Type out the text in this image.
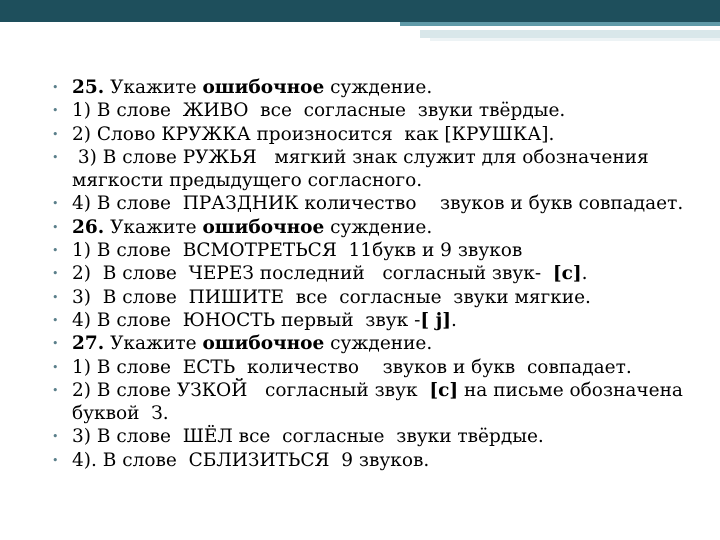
• 25. Укажите ошибочное суждение.
• 1) В слове  ЖИВО  все  согласные  звуки твёрдые.
• 2) Слово КРУЖКА произносится  как [КРУШКА].
• 3) В слове РУЖЬЯ   мягкий знак служит для обозначения мягкости предыдущего согласного.
• 4) В слове  ПРАЗДНИК количество    звуков и букв совпадает.
• 26. Укажите ошибочное суждение.
• 1) В слове  ВСМОТРЕТЬСЯ  11букв и 9 звуков
• 2)  В слове  ЧЕРЕЗ последний   согласный звук-  [c].
• 3)  В слове  ПИШИТЕ  все  согласные  звуки мягкие.
• 4) В слове  ЮНОСТЬ первый  звук -[ j].
• 27. Укажите ошибочное суждение.
• 1) В слове  ЕСТЬ  количество    звуков и букв  совпадает.
• 2) В слове УЗКОЙ   согласный звук  [c] на письме обозначена буквой  З.
• 3) В слове  ШЁЛ все  согласные  звуки твёрдые.
• 4). В слове  СБЛИЗИТЬСЯ  9 звуков.
